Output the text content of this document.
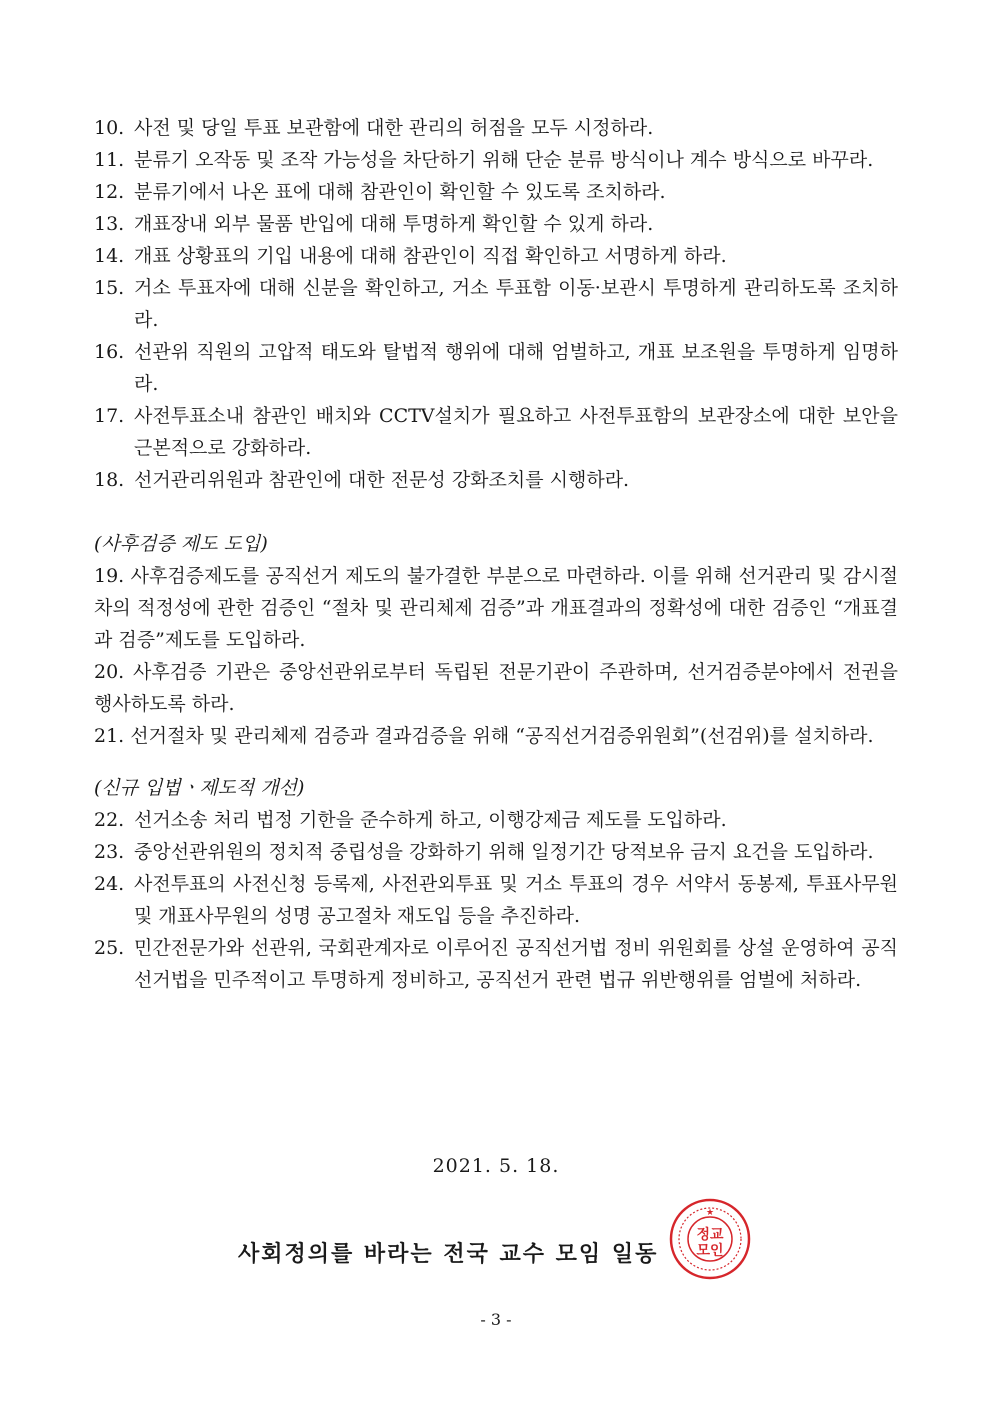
10. 사전 및 당일 투표 보관함에 대한 관리의 허점을 모두 시정하라.
11. 분류기 오작동 및 조작 가능성을 차단하기 위해 단순 분류 방식이나 계수 방식으로 바꾸라.
12. 분류기에서 나온 표에 대해 참관인이 확인할 수 있도록 조치하라.
13. 개표장내 외부 물품 반입에 대해 투명하게 확인할 수 있게 하라.
14. 개표 상황표의 기입 내용에 대해 참관인이 직접 확인하고 서명하게 하라.
15. 거소 투표자에 대해 신분을 확인하고, 거소 투표함 이동·보관시 투명하게 관리하도록 조치하라.
16. 선관위 직원의 고압적 태도와 탈법적 행위에 대해 엄벌하고, 개표 보조원을 투명하게 임명하라.
17. 사전투표소내 참관인 배치와 CCTV설치가 필요하고 사전투표함의 보관장소에 대한 보안을 근본적으로 강화하라.
18. 선거관리위원과 참관인에 대한 전문성 강화조치를 시행하라.
(사후검증 제도 도입)
19. 사후검증제도를 공직선거 제도의 불가결한 부분으로 마련하라. 이를 위해 선거관리 및 감시절차의 적정성에 관한 검증인 “절차 및 관리체제 검증”과 개표결과의 정확성에 대한 검증인 “개표결과 검증”제도를 도입하라.
20. 사후검증 기관은 중앙선관위로부터 독립된 전문기관이 주관하며, 선거검증분야에서 전권을 행사하도록 하라.
21. 선거절차 및 관리체제 검증과 결과검증을 위해 “공직선거검증위원회”(선검위)를 설치하라.
(신규 입법ㆍ제도적 개선)
22. 선거소송 처리 법정 기한을 준수하게 하고, 이행강제금 제도를 도입하라.
23. 중앙선관위원의 정치적 중립성을 강화하기 위해 일정기간 당적보유 금지 요건을 도입하라.
24. 사전투표의 사전신청 등록제, 사전관외투표 및 거소 투표의 경우 서약서 동봉제, 투표사무원 및 개표사무원의 성명 공고절차 재도입 등을 추진하라.
25. 민간전문가와 선관위, 국회관계자로 이루어진 공직선거법 정비 위원회를 상설 운영하여 공직선거법을 민주적이고 투명하게 정비하고, 공직선거 관련 법규 위반행위를 엄벌에 처하라.
2021. 5. 18.
사회정의를 바라는 전국 교수 모임 일동
★
정교
모인
- 3 -
